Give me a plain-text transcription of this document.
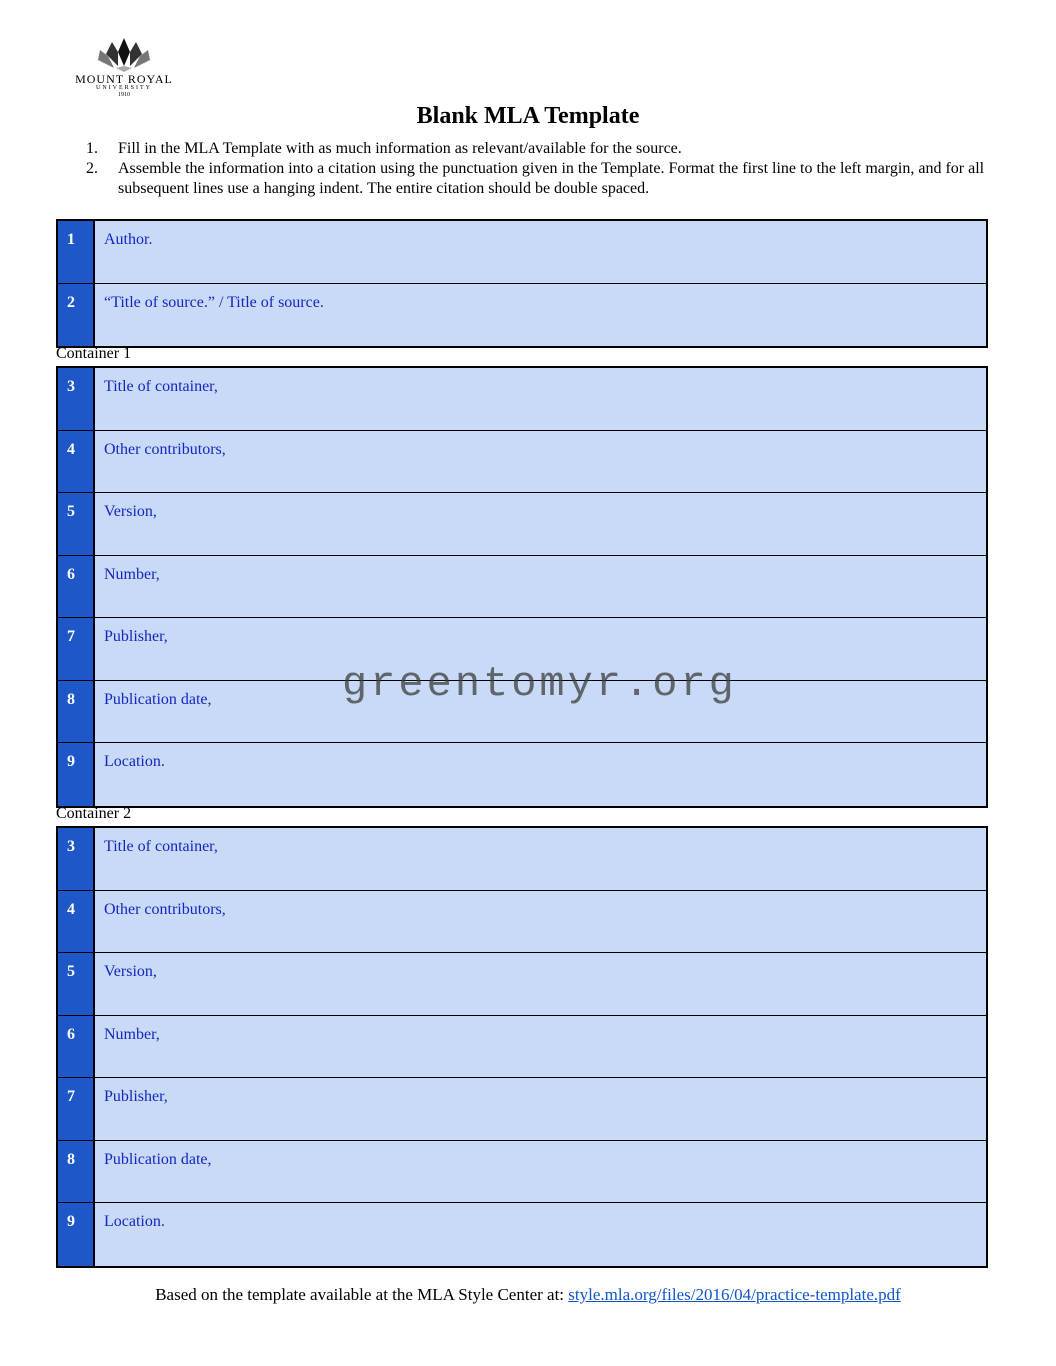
MOUNT ROYAL
UNIVERSITY
1910
Blank MLA Template
1.	Fill in the MLA Template with as much information as relevant/available for the source.
2.	Assemble the information into a citation using the punctuation given in the Template. Format the first line to the left margin, and for all subsequent lines use a hanging indent. The entire citation should be double spaced.
1	Author.
2	“Title of source.” / Title of source.
Container 1
3	Title of container,
4	Other contributors,
5	Version,
6	Number,
7	Publisher,
8	Publication date,
9	Location.
Container 2
3	Title of container,
4	Other contributors,
5	Version,
6	Number,
7	Publisher,
8	Publication date,
9	Location.
greentomyr.org
Based on the template available at the MLA Style Center at: style.mla.org/files/2016/04/practice-template.pdf
